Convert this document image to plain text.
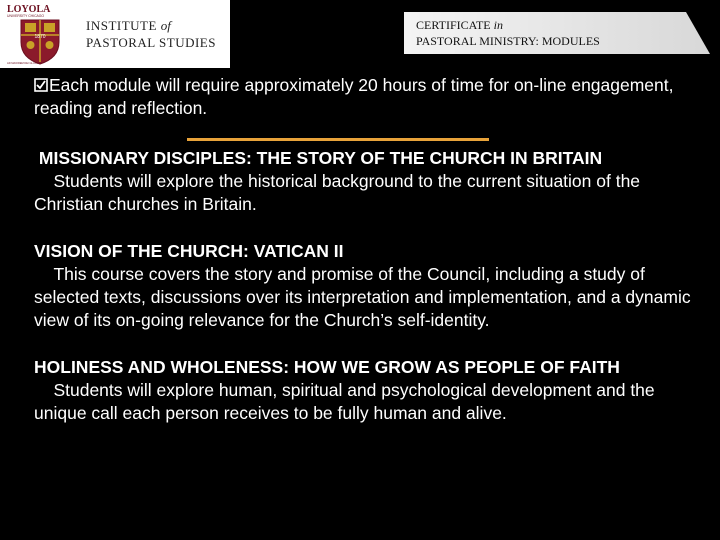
LOYOLA
UNIVERSITY CHICAGO
1870
AD MAIOREM DEI GLORIAM
INSTITUTE of
PASTORAL STUDIES
CERTIFICATE in
PASTORAL MINISTRY: MODULES
Each module will require approximately 20 hours of time for on-line engagement, reading and reflection.
MISSIONARY DISCIPLES: THE STORY OF THE CHURCH IN BRITAIN
Students will explore the historical background to the current situation of the Christian churches in Britain.
VISION OF THE CHURCH: VATICAN II
This course covers the story and promise of the Council, including a study of selected texts, discussions over its interpretation and implementation, and a dynamic view of its on-going relevance for the Church’s self-identity.
HOLINESS AND WHOLENESS: HOW WE GROW AS PEOPLE OF FAITH
Students will explore human, spiritual and psychological development and the unique call each person receives to be fully human and alive.
